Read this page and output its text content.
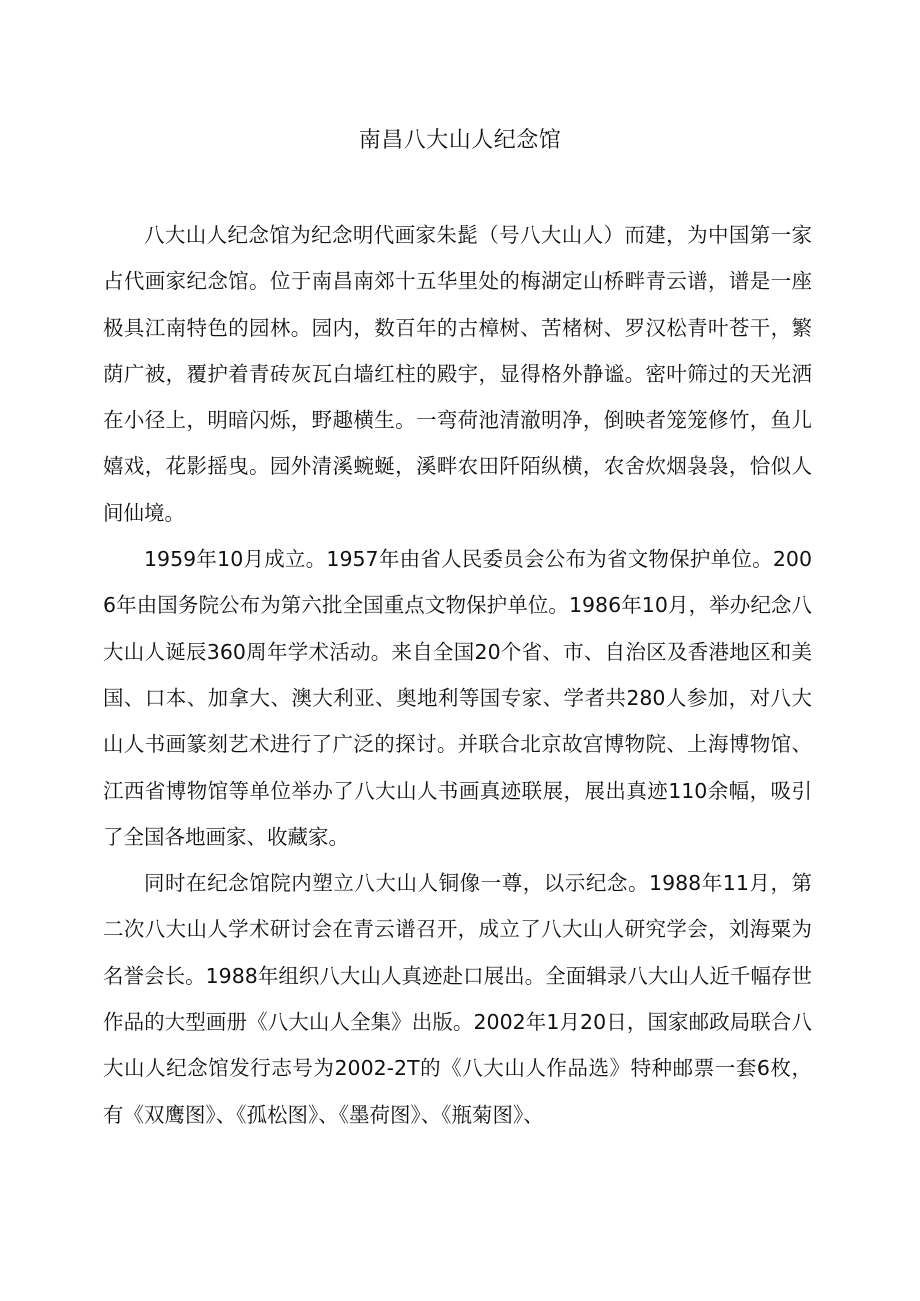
南昌八大山人纪念馆

八大山人纪念馆为纪念明代画家朱髭（号八大山人）而建，为中国第一家占代画家纪念馆。位于南昌南郊十五华里处的梅湖定山桥畔青云谱，谱是一座极具江南特色的园林。园内，数百年的古樟树、苦楮树、罗汉松青叶苍干，繁荫广被，覆护着青砖灰瓦白墙红柱的殿宇，显得格外静谧。密叶筛过的天光洒在小径上，明暗闪烁，野趣横生。一弯荷池清澈明净，倒映者笼笼修竹，鱼儿嬉戏，花影摇曳。园外清溪蜿蜒，溪畔农田阡陌纵横，农舍炊烟袅袅，恰似人间仙境。

1959年10月成立。1957年由省人民委员会公布为省文物保护单位。2006年由国务院公布为第六批全国重点文物保护单位。1986年10月，举办纪念八大山人诞辰360周年学术活动。来自全国20个省、市、自治区及香港地区和美国、口本、加拿大、澳大利亚、奥地利等国专家、学者共280人参加，对八大山人书画篆刻艺术进行了广泛的探讨。并联合北京故宫博物院、上海博物馆、江西省博物馆等单位举办了八大山人书画真迹联展，展出真迹110余幅，吸引了全国各地画家、收藏家。

同时在纪念馆院内塑立八大山人铜像一尊，以示纪念。1988年11月，第二次八大山人学术研讨会在青云谱召开，成立了八大山人研究学会，刘海粟为名誉会长。1988年组织八大山人真迹赴口展出。全面辑录八大山人近千幅存世作品的大型画册《八大山人全集》出版。2002年1月20日，国家邮政局联合八大山人纪念馆发行志号为2002-2T的《八大山人作品选》特种邮票一套6枚，有《双鹰图》、《孤松图》、《墨荷图》、《瓶菊图》、
